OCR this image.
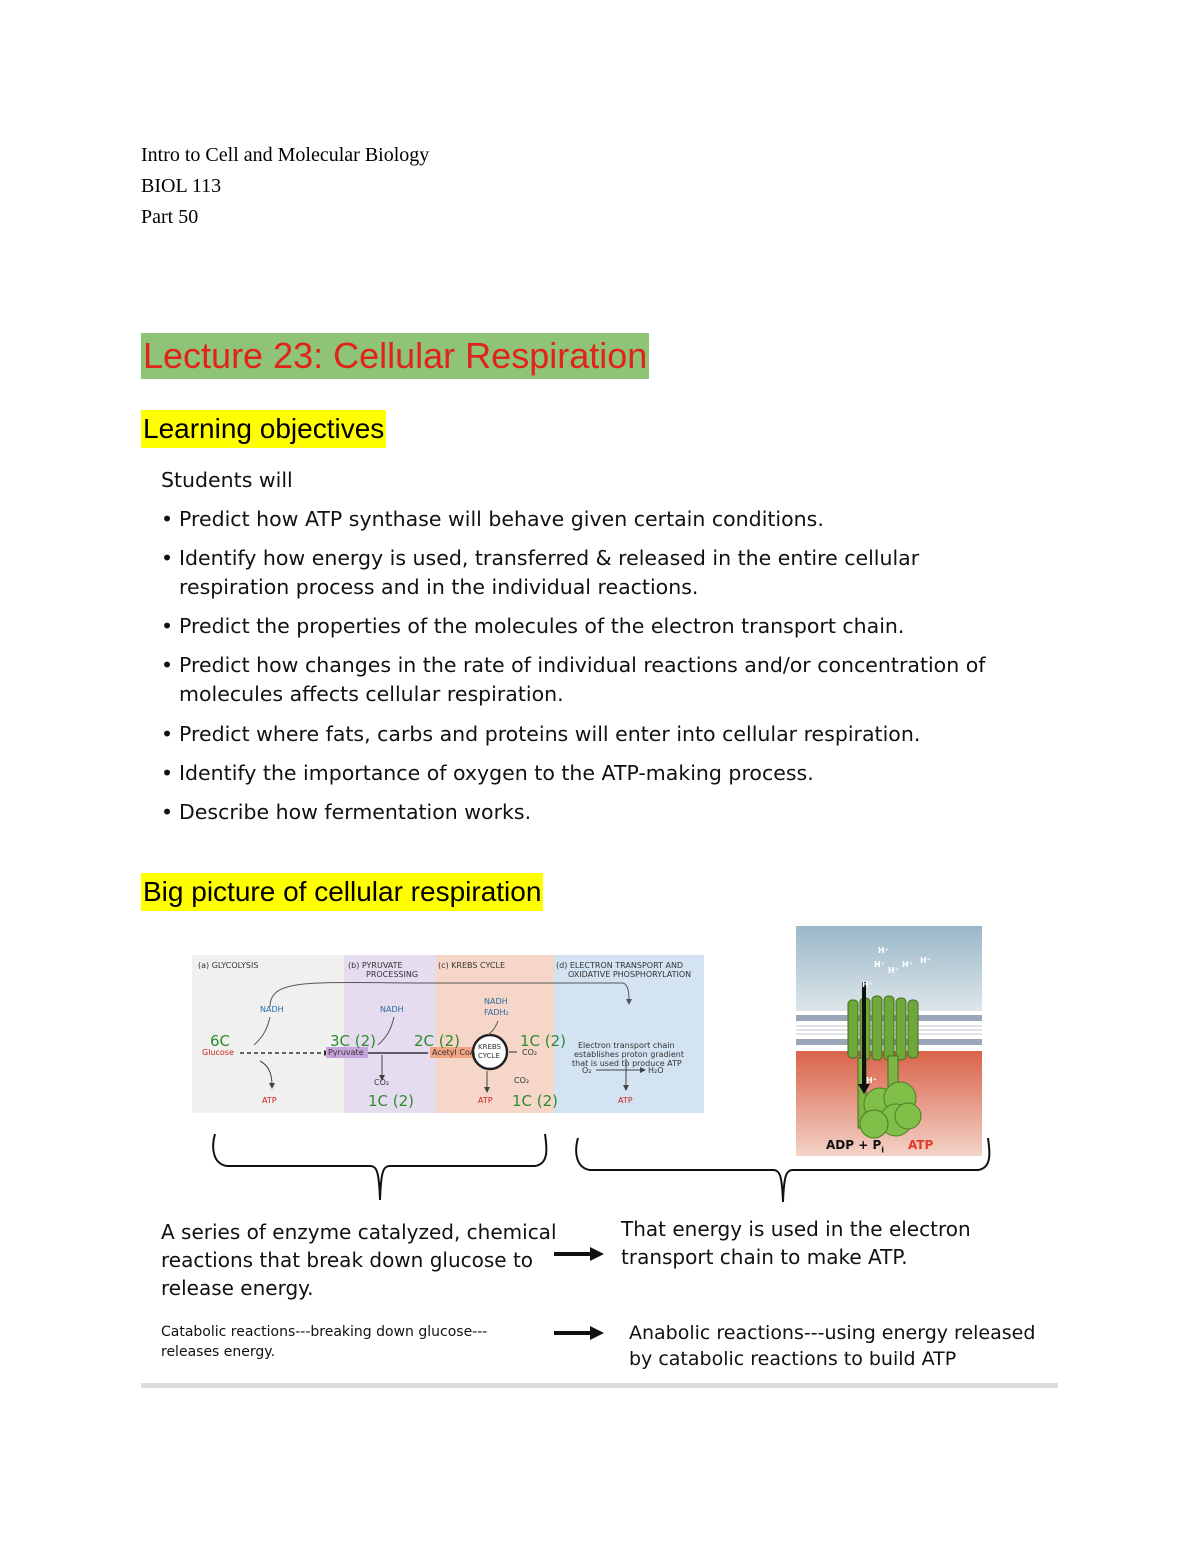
Intro to Cell and Molecular Biology
BIOL 113
Part 50
Lecture 23: Cellular Respiration
Learning objectives
Students will
• Predict how ATP synthase will behave given certain conditions.
• Identify how energy is used, transferred & released in the entire cellular respiration process and in the individual reactions.
• Predict the properties of the molecules of the electron transport chain.
• Predict how changes in the rate of individual reactions and/or concentration of molecules affects cellular respiration.
• Predict where fats, carbs and proteins will enter into cellular respiration.
• Identify the importance of oxygen to the ATP-making process.
• Describe how fermentation works.
Big picture of cellular respiration
(a) GLYCOLYSIS	(b) PYRUVATE
PROCESSING
(c) KREBS CYCLE	(d) ELECTRON TRANSPORT AND
OXIDATIVE PHOSPHORYLATION
NADH	NADH
NADH
FADH₂
6C	3C (2)	2C (2)	1C (2)
1C (2)	1C (2)
Glucose	Pyruvate	Acetyl CoA
KREBS
CYCLE	CO₂
CO₂	CO₂
ATP	ATP	ATP
Electron transport chain
establishes proton gradient
that is used to produce ATP
O₂	H₂O
H⁺
H⁺
H⁺
H⁺ H⁺
H⁺
H⁺
ADP + $P_i$ ATP
A series of enzyme catalyzed, chemical
reactions that break down glucose to
release energy.
Catabolic reactions---breaking down glucose---
releases energy.
That energy is used in the electron
transport chain to make ATP.
Anabolic reactions---using energy released
by catabolic reactions to build ATP
